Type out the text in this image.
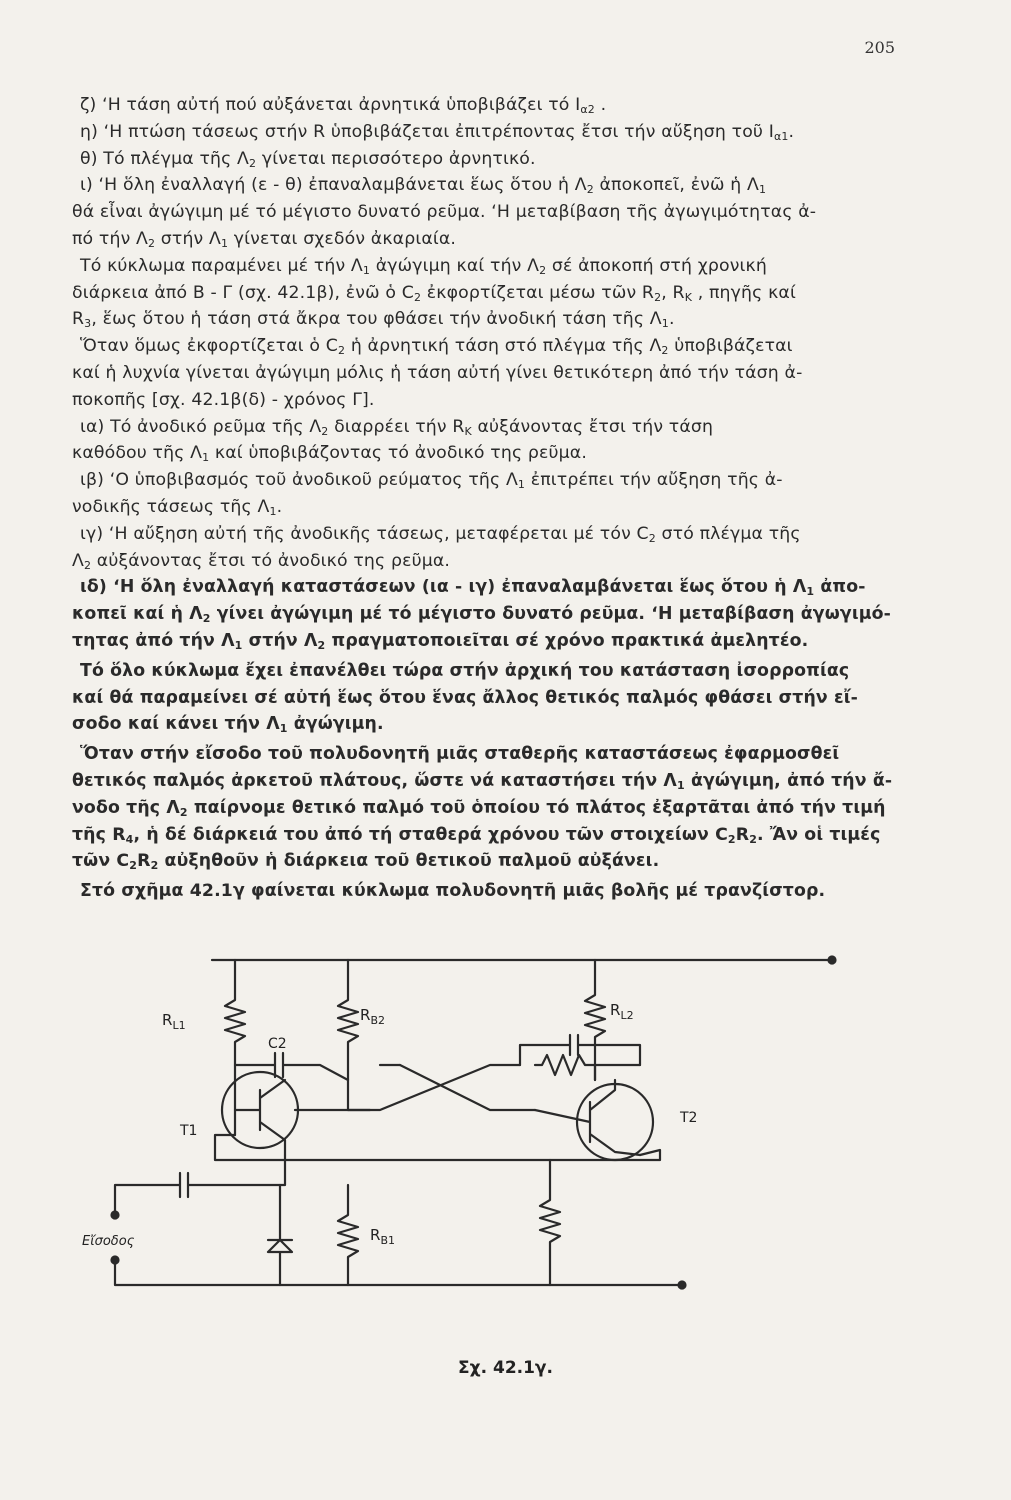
205

ζ) ‘Η τάση αὐτή πού αὐξάνεται ἀρνητικά ὑποβιβάζει τό $I_{\alpha 2}$ .

η) ‘Η πτώση τάσεως στήν R ὑποβιβάζεται ἐπιτρέποντας ἔτσι τήν αὔξηση τοῦ $I_{\alpha 1}$.

θ) Τό πλέγμα τῆς $\Lambda_2$ γίνεται περισσότερο ἀρνητικό.

ι) ‘Η ὅλη ἐναλλαγή (ε - θ) ἐπαναλαμβάνεται ἕως ὅτου ἡ $\Lambda_2$ ἀποκοπεῖ, ἐνῶ ἡ $\Lambda_1$

θά εἶναι ἀγώγιμη μέ τό μέγιστο δυνατό ρεῦμα. ‘Η μεταβίβαση τῆς ἀγωγιμότητας ἀ-

πό τήν $\Lambda_2$ στήν $\Lambda_1$ γίνεται σχεδόν ἀκαριαία.

Τό κύκλωμα παραμένει μέ τήν $\Lambda_1$ ἀγώγιμη καί τήν $\Lambda_2$ σέ ἀποκοπή στή χρονική

διάρκεια ἀπό Β - Γ (σχ. 42.1β), ἐνῶ ὁ $C_2$ ἐκφορτίζεται μέσω τῶν $R_2$, $R_K$ , πηγῆς καί

$R_3$, ἕως ὅτου ἡ τάση στά ἄκρα του φθάσει τήν ἀνοδική τάση τῆς $\Lambda_1$.

Ὅταν ὅμως ἐκφορτίζεται ὁ $C_2$ ἡ ἀρνητική τάση στό πλέγμα τῆς $\Lambda_2$ ὑποβιβάζεται

καί ἡ λυχνία γίνεται ἀγώγιμη μόλις ἡ τάση αὐτή γίνει θετικότερη ἀπό τήν τάση ἀ-

ποκοπῆς [σχ. 42.1β(δ) - χρόνος Γ].

ια) Τό ἀνοδικό ρεῦμα τῆς $\Lambda_2$ διαρρέει τήν $R_K$ αὐξάνοντας ἔτσι τήν τάση

καθόδου τῆς $\Lambda_1$ καί ὑποβιβάζοντας τό ἀνοδικό της ρεῦμα.

ιβ) ‘Ο ὑποβιβασμός τοῦ ἀνοδικοῦ ρεύματος τῆς $\Lambda_1$ ἐπιτρέπει τήν αὔξηση τῆς ἀ-

νοδικῆς τάσεως τῆς $\Lambda_1$.

ιγ) ‘Η αὔξηση αὐτή τῆς ἀνοδικῆς τάσεως, μεταφέρεται μέ τόν $C_2$ στό πλέγμα τῆς

$\Lambda_2$ αὐξάνοντας ἔτσι τό ἀνοδικό της ρεῦμα.

ιδ) ‘Η ὅλη ἐναλλαγή καταστάσεων (ια - ιγ) ἐπαναλαμβάνεται ἕως ὅτου ἡ $\Lambda_1$ ἀπο-

κοπεῖ καί ἡ $\Lambda_2$ γίνει ἀγώγιμη μέ τό μέγιστο δυνατό ρεῦμα. ‘Η μεταβίβαση ἀγωγιμό-

τητας ἀπό τήν $\Lambda_1$ στήν $\Lambda_2$ πραγματοποιεῖται σέ χρόνο πρακτικά ἀμελητέο.

Τό ὅλο κύκλωμα ἔχει ἐπανέλθει τώρα στήν ἀρχική του κατάσταση ἰσορροπίας

καί θά παραμείνει σέ αὐτή ἕως ὅτου ἕνας ἄλλος θετικός παλμός φθάσει στήν εἴ-

σοδο καί κάνει τήν $\Lambda_1$ ἀγώγιμη.

Ὅταν στήν εἴσοδο τοῦ πολυδονητῆ μιᾶς σταθερῆς καταστάσεως ἐφαρμοσθεῖ

θετικός παλμός ἀρκετοῦ πλάτους, ὥστε νά καταστήσει τήν $\Lambda_1$ ἀγώγιμη, ἀπό τήν ἄ-

νοδο τῆς $\Lambda_2$ παίρνομε θετικό παλμό τοῦ ὁποίου τό πλάτος ἐξαρτᾶται ἀπό τήν τιμή

τῆς $R_4$, ἡ δέ διάρκειά του ἀπό τή σταθερά χρόνου τῶν στοιχείων $C_2R_2$. Ἄν οἱ τιμές

τῶν $C_2R_2$ αὐξηθοῦν ἡ διάρκεια τοῦ θετικοῦ παλμοῦ αὐξάνει.

Στό σχῆμα 42.1γ φαίνεται κύκλωμα πολυδονητῆ μιᾶς βολῆς μέ τρανζίστορ.

$R_{L1}$
C2
$R_{B2}$
$R_{L2}$
T1
T2
$R_{B1}$
Εἴσοδος
Σχ. 42.1γ.
